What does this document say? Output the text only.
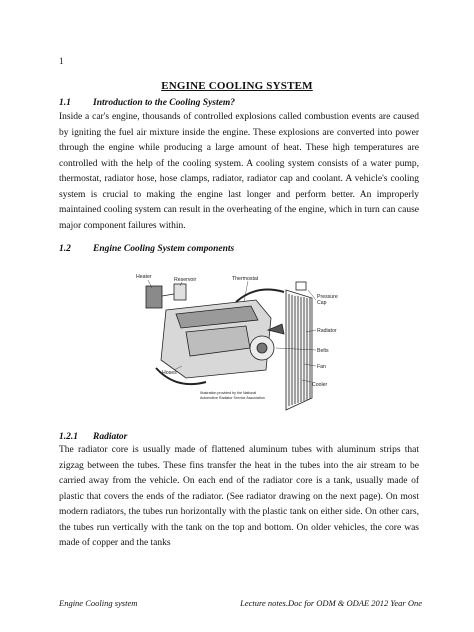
1
ENGINE COOLING SYSTEM
1.1 Introduction to the Cooling System?
Inside a car's engine, thousands of controlled explosions called combustion events are caused by igniting the fuel air mixture inside the engine. These explosions are converted into power through the engine while producing a large amount of heat. These high temperatures are controlled with the help of the cooling system. A cooling system consists of a water pump, thermostat, radiator hose, hose clamps, radiator, radiator cap and coolant. A vehicle's cooling system is crucial to making the engine last longer and perform better. An improperly maintained cooling system can result in the overheating of the engine, which in turn can cause major component failures within.
1.2 Engine Cooling System components
Heater	Reservoir	Thermostat
Pressure
Cap
Radiator
Belts
Fan
Hoses
Cooler
Illustration provided by the National
Automotive Radiator Service Association
1.2.1 Radiator
The radiator core is usually made of flattened aluminum tubes with aluminum strips that zigzag between the tubes. These fins transfer the heat in the tubes into the air stream to be carried away from the vehicle. On each end of the radiator core is a tank, usually made of plastic that covers the ends of the radiator. (See radiator drawing on the next page). On most modern radiators, the tubes run horizontally with the plastic tank on either side. On other cars, the tubes run vertically with the tank on the top and bottom. On older vehicles, the core was made of copper and the tanks
Engine Cooling system	Lecture notes.Doc for ODM & ODAE 2012 Year One
